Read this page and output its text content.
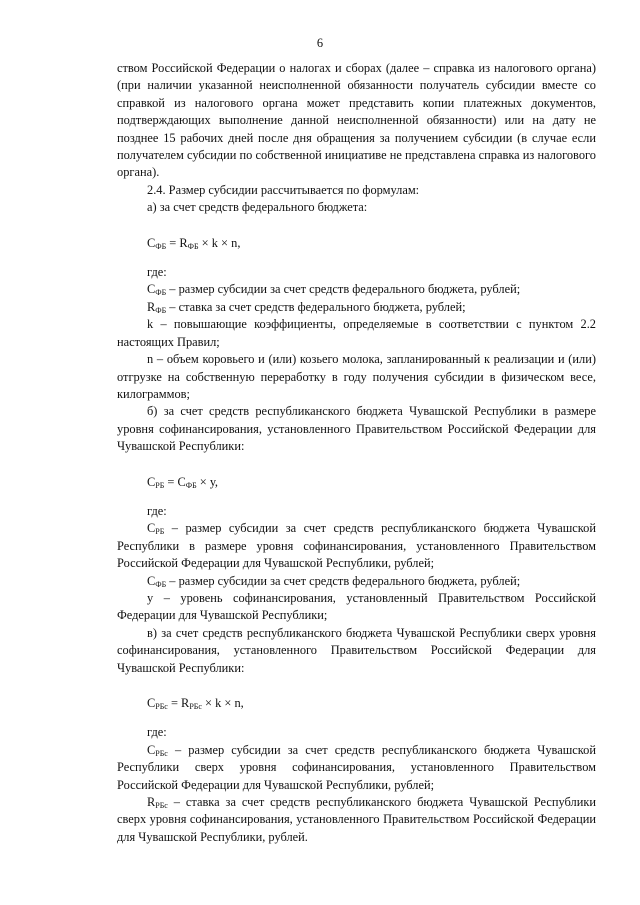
6

ством Российской Федерации о налогах и сборах (далее – справка из налогового органа) (при наличии указанной неисполненной обязанности получатель субсидии вместе со справкой из налогового органа может представить копии платежных документов, подтверждающих выполнение данной неисполненной обязанности) или на дату не позднее 15 рабочих дней после дня обращения за получением субсидии (в случае если получателем субсидии по собственной инициативе не представлена справка из налогового органа).

2.4. Размер субсидии рассчитывается по формулам:

а) за счет средств федерального бюджета:

$С_{ФБ} = R_{ФБ} \times k \times n$,

где:

$С_{ФБ}$ – размер субсидии за счет средств федерального бюджета, рублей;

$R_{ФБ}$ – ставка за счет средств федерального бюджета, рублей;

k – повышающие коэффициенты, определяемые в соответствии с пунктом 2.2 настоящих Правил;

n – объем коровьего и (или) козьего молока, запланированный к реализации и (или) отгрузке на собственную переработку в году получения субсидии в физическом весе, килограммов;

б) за счет средств республиканского бюджета Чувашской Республики в размере уровня софинансирования, установленного Правительством Российской Федерации для Чувашской Республики:

$С_{РБ} = С_{ФБ} \times у$,

где:

$С_{РБ}$ – размер субсидии за счет средств республиканского бюджета Чувашской Республики в размере уровня софинансирования, установленного Правительством Российской Федерации для Чувашской Республики, рублей;

$С_{ФБ}$ – размер субсидии за счет средств федерального бюджета, рублей;

у – уровень софинансирования, установленный Правительством Российской Федерации для Чувашской Республики;

в) за счет средств республиканского бюджета Чувашской Республики сверх уровня софинансирования, установленного Правительством Российской Федерации для Чувашской Республики:

$С_{РБс} = R_{РБс} \times k \times n$,

где:

$С_{РБс}$ – размер субсидии за счет средств республиканского бюджета Чувашской Республики сверх уровня софинансирования, установленного Правительством Российской Федерации для Чувашской Республики, рублей;

$R_{РБс}$ – ставка за счет средств республиканского бюджета Чувашской Республики сверх уровня софинансирования, установленного Правительством Российской Федерации для Чувашской Республики, рублей.
